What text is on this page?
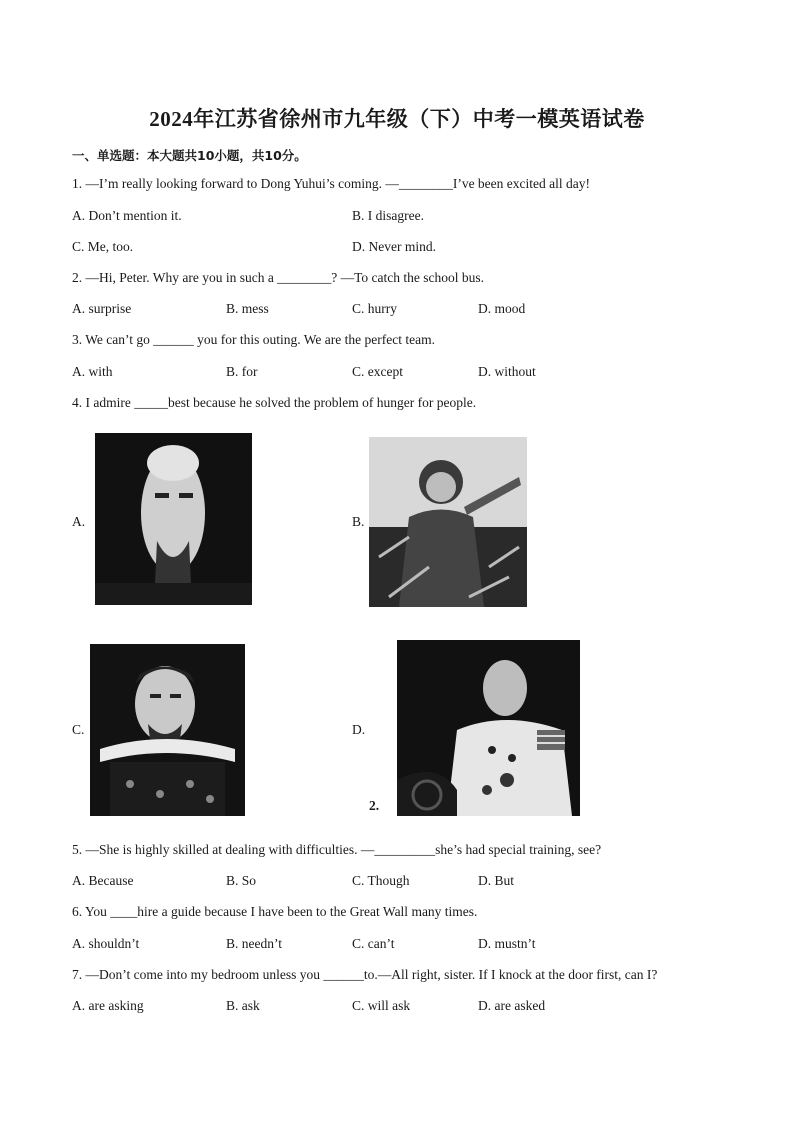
2024年江苏省徐州市九年级（下）中考一模英语试卷
一、单选题：本大题共10小题，共10分。
1. —I’m really looking forward to Dong Yuhui’s coming. —________I’ve been excited all day!
A. Don’t mention it.	B. I disagree.
C. Me, too.	D. Never mind.
2. —Hi, Peter. Why are you in such a ________? —To catch the school bus.
A. surprise	B. mess	C. hurry	D. mood
3. We can’t go ______ you for this outing. We are the perfect team.
A. with	B. for	C. except	D. without
4. I admire _____best because he solved the problem of hunger for people.
A.	B.
C.	D.
2.
5. —She is highly skilled at dealing with difficulties. —_________she’s had special training, see?
A. Because	B. So	C. Though	D. But
6. You ____hire a guide because I have been to the Great Wall many times.
A. shouldn’t	B. needn’t	C. can’t	D. mustn’t
7. —Don’t come into my bedroom unless you ______to.—All right, sister. If I knock at the door first, can I?
A. are asking	B. ask	C. will ask	D. are asked
